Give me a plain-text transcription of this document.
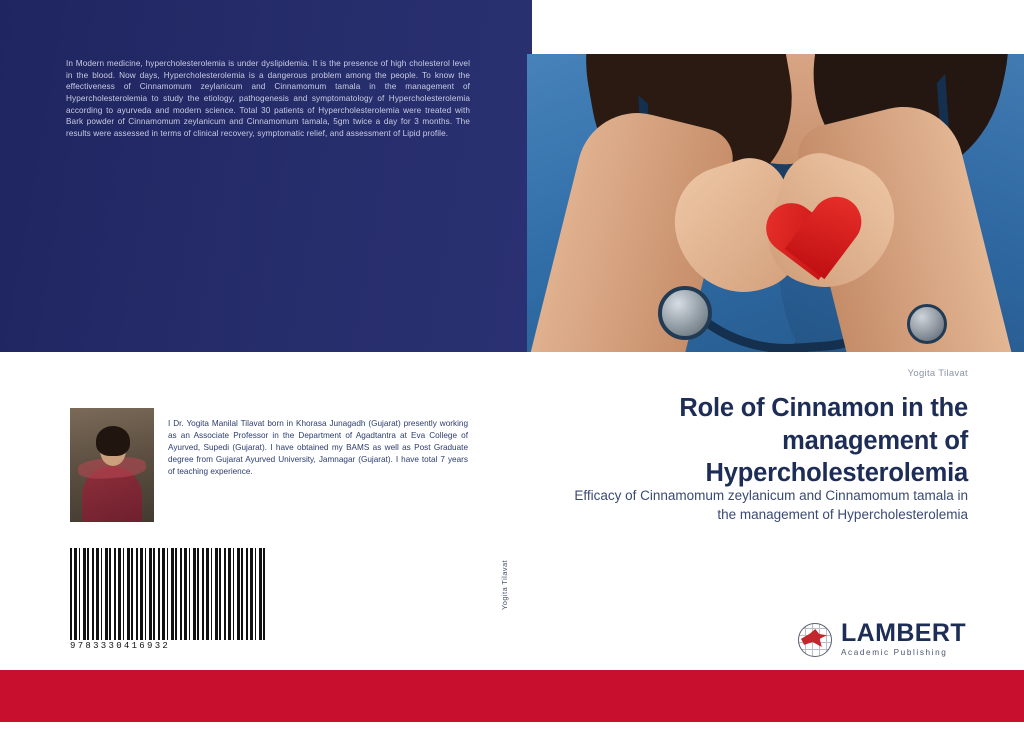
In Modern medicine, hypercholesterolemia is under dyslipidemia. It is the presence of high cholesterol level in the blood. Now days, Hypercholesterolemia is a dangerous problem among the people. To know the effectiveness of Cinnamomum zeylanicum and Cinnamomum tamala in the management of Hypercholesterolemia to study the etiology, pathogenesis and symptomatology of Hypercholesterolemia according to ayurveda and modern science. Total 30 patients of Hypercholesterolemia were treated with Bark powder of Cinnamomum zeylanicum and Cinnamomum tamala, 5gm twice a day for 3 months. The results were assessed in terms of clinical recovery, symptomatic relief, and assessment of Lipid profile.
I Dr. Yogita Manilal Tilavat born in Khorasa Junagadh (Gujarat) presently working as an Associate Professor in the Department of Agadtantra at Eva College of Ayurved, Supedi (Gujarat). I have obtained my BAMS as well as Post Graduate degree from Gujarat Ayurved University, Jamnagar (Gujarat). I have total 7 years of teaching experience.
9783330416932
Yogita Tilavat
Yogita Tilavat
Role of Cinnamon in the management of Hypercholesterolemia
Efficacy of Cinnamomum zeylanicum and Cinnamomum tamala in the management of Hypercholesterolemia
LAMBERT
Academic Publishing
